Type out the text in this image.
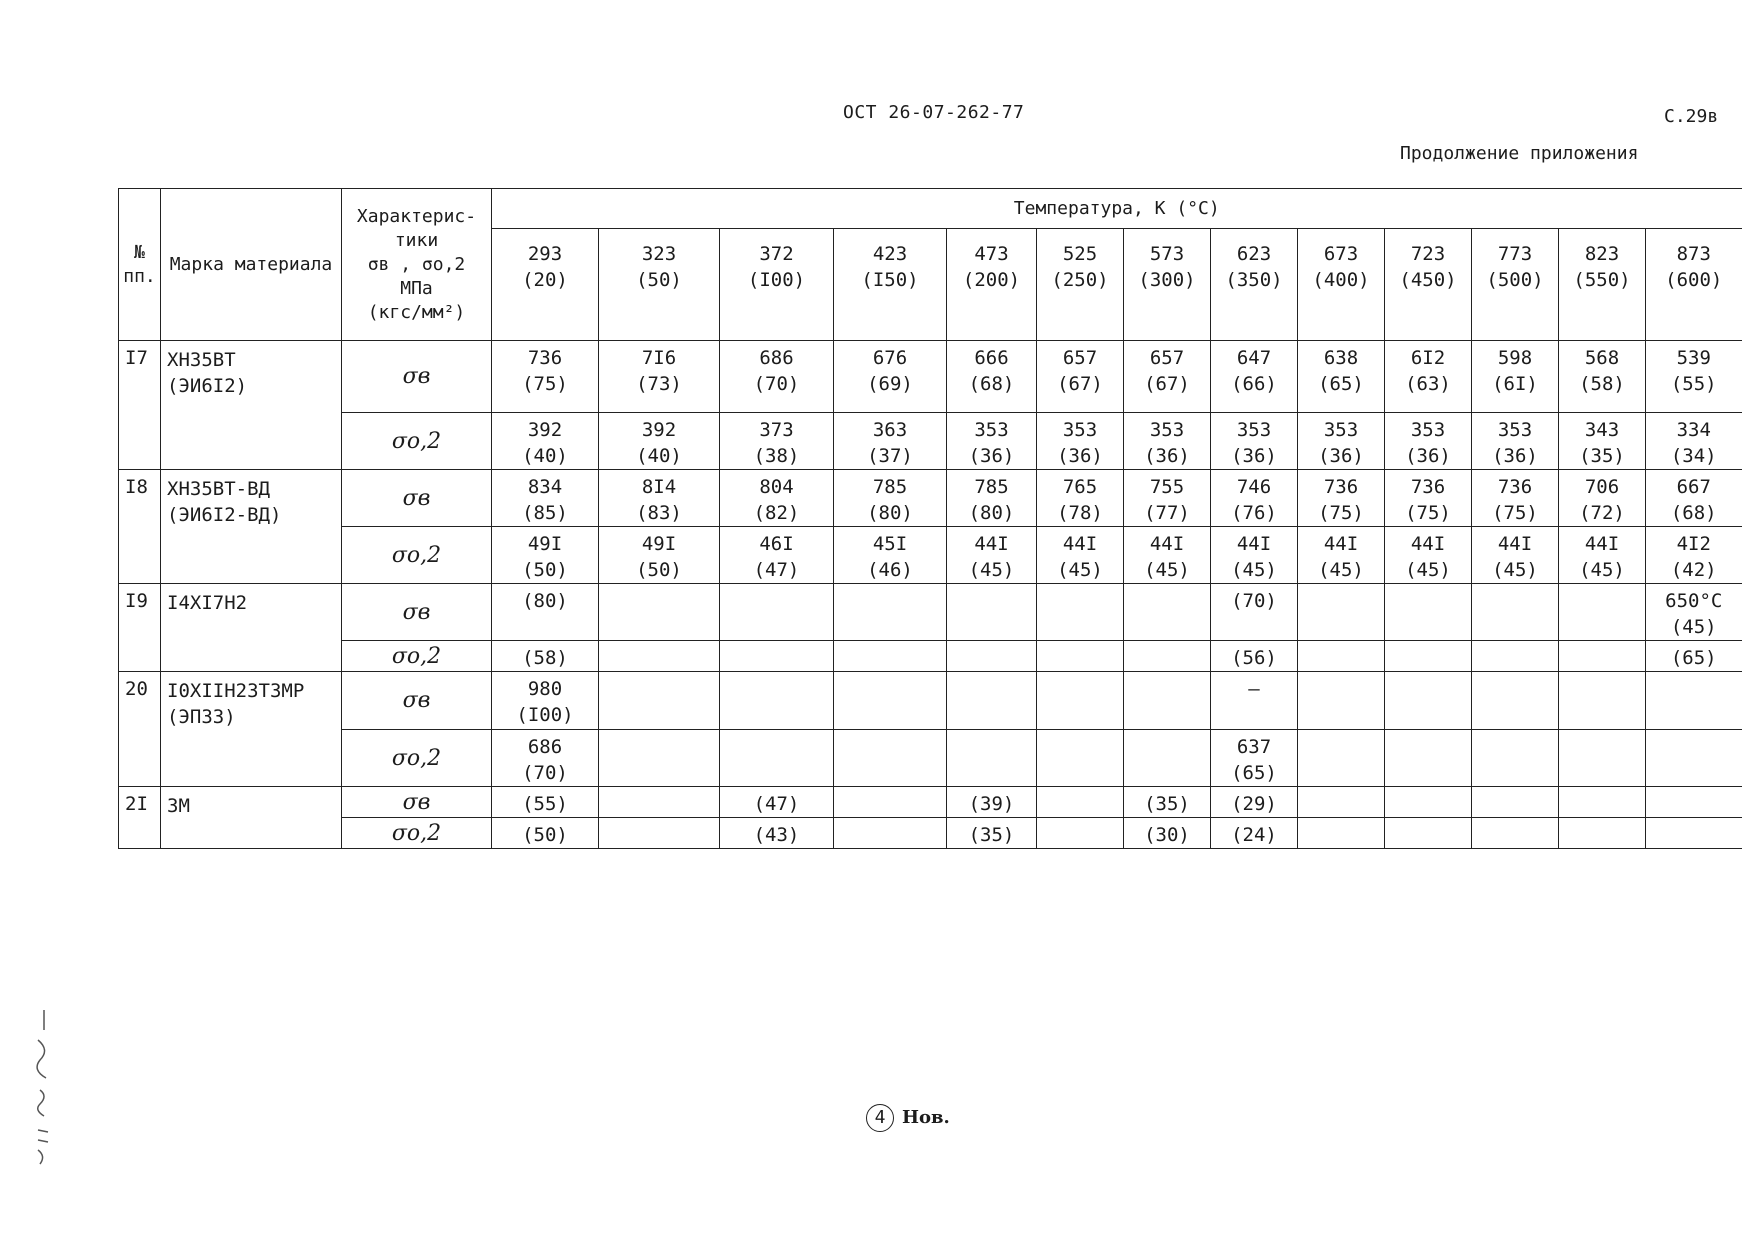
ОСТ 26-07-262-77	С.29в
Продолжение приложения
№ пп.	Марка материала	Характерис-
тики
σв , σо,2
МПа
(кгс/мм²)	Температура, К (°С)												

			293
(20)	323
(50)	372
(I00)	423
(I50)	473
(200)	525
(250)	573
(300)	623
(350)	673
(400)	723
(450)	773
(500)	823
(550)	873
(600)

I7	ХН35ВТ
(ЭИ6I2)	σв	736
(75)	7I6
(73)	686
(70)	676
(69)	666
(68)	657
(67)	657
(67)	647
(66)	638
(65)	6I2
(63)	598
(6I)	568
(58)	539
(55)

		σо,2	392
(40)	392
(40)	373
(38)	363
(37)	353
(36)	353
(36)	353
(36)	353
(36)	353
(36)	353
(36)	353
(36)	343
(35)	334
(34)

I8	ХН35ВТ-ВД
(ЭИ6I2-ВД)	σв	834
(85)	8I4
(83)	804
(82)	785
(80)	785
(80)	765
(78)	755
(77)	746
(76)	736
(75)	736
(75)	736
(75)	706
(72)	667
(68)

		σо,2	49I
(50)	49I
(50)	46I
(47)	45I
(46)	44I
(45)	44I
(45)	44I
(45)	44I
(45)	44I
(45)	44I
(45)	44I
(45)	44I
(45)	4I2
(42)

I9	I4ХI7Н2	σв	(80)							(70)					650°С
(45)

		σо,2	(58)							(56)					(65)

20	I0ХIIН23Т3МР
(ЭП33)	σв	980
(I00)							–					

		σо,2	686
(70)							637
(65)					

2I	3М	σв	(55)		(47)		(39)		(35)	(29)					

		σо,2	(50)		(43)		(35)		(30)	(24)					

4 Нов.
